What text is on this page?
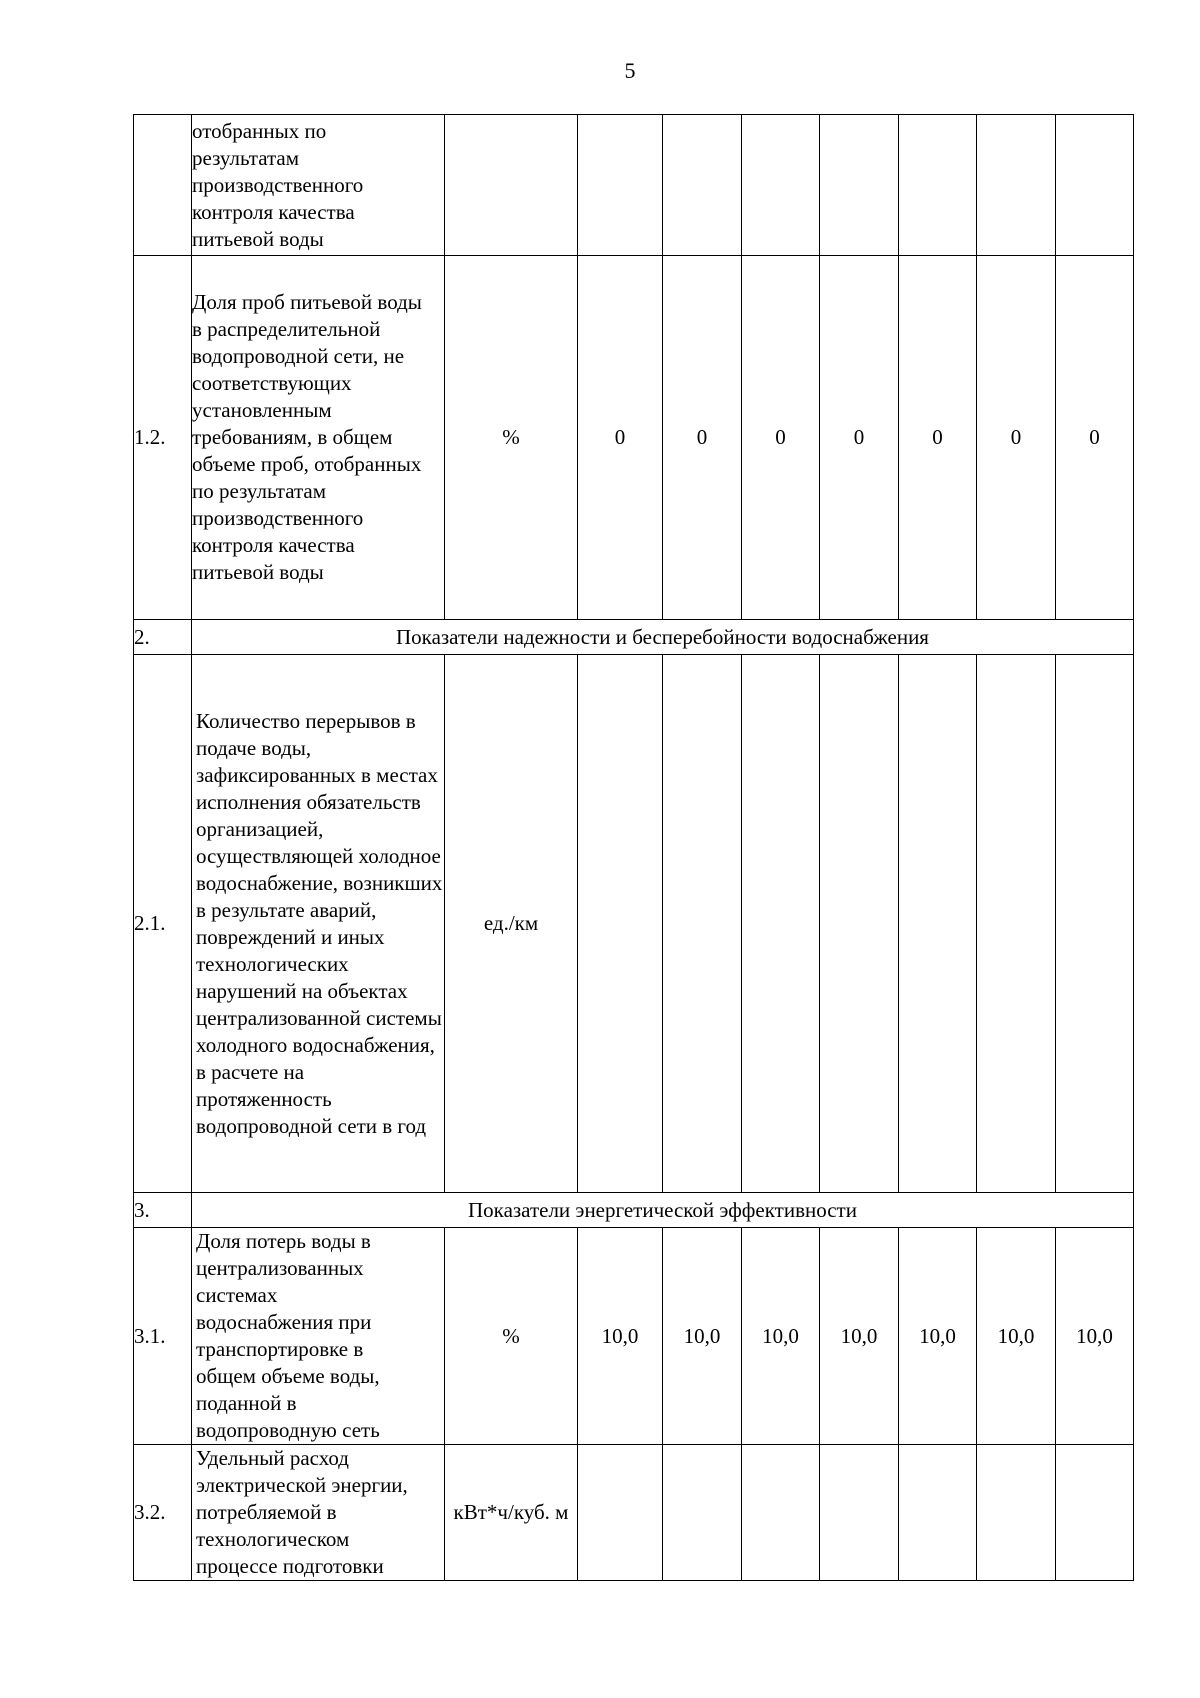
5

	отобранных по результатам производственного контроля качества питьевой воды								

1.2.	Доля проб питьевой воды в распределительной водопроводной сети, не соответствующих установленным требованиям, в общем объеме проб, отобранных по результатам производственного контроля качества питьевой воды	%	0	0	0	0	0	0	0
2.	Показатели надежности и бесперебойности водоснабжения								
2.1.	Количество перерывов в подаче воды, зафиксированных в местах исполнения обязательств организацией, осуществляющей холодное водоснабжение, возникших в результате аварий, повреждений и иных технологических нарушений на объектах централизованной системы холодного водоснабжения, в расчете на протяженность водопроводной сети в год	ед./км							
3.	Показатели энергетической эффективности								
3.1.	Доля потерь воды в централизованных системах водоснабжения при транспортировке в общем объеме воды, поданной в водопроводную сеть	%	10,0	10,0	10,0	10,0	10,0	10,0	10,0
3.2.	Удельный расход электрической энергии, потребляемой в технологическом процессе подготовки	кВт*ч/куб. м							
